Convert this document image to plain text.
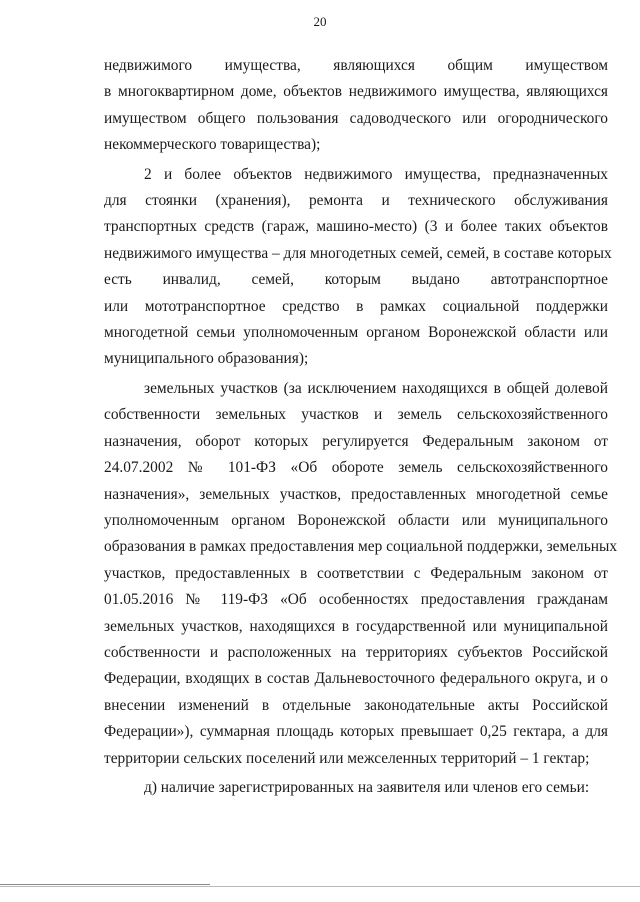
20

недвижимого имущества, являющихся общим имуществом
в многоквартирном доме, объектов недвижимого имущества, являющихся
имуществом общего пользования садоводческого или огороднического
некоммерческого товарищества);

2 и более объектов недвижимого имущества, предназначенных
для стоянки (хранения), ремонта и технического обслуживания
транспортных средств (гараж, машино-место) (3 и более таких объектов
недвижимого имущества – для многодетных семей, семей, в составе которых
есть инвалид, семей, которым выдано автотранспортное
или мототранспортное средство в рамках социальной поддержки
многодетной семьи уполномоченным органом Воронежской области или
муниципального образования);

земельных участков (за исключением находящихся в общей долевой
собственности земельных участков и земель сельскохозяйственного
назначения, оборот которых регулируется Федеральным законом от
24.07.2002 № 101-ФЗ «Об обороте земель сельскохозяйственного
назначения», земельных участков, предоставленных многодетной семье
уполномоченным органом Воронежской области или муниципального
образования в рамках предоставления мер социальной поддержки, земельных
участков, предоставленных в соответствии с Федеральным законом от
01.05.2016 № 119-ФЗ «Об особенностях предоставления гражданам
земельных участков, находящихся в государственной или муниципальной
собственности и расположенных на территориях субъектов Российской
Федерации, входящих в состав Дальневосточного федерального округа, и о
внесении изменений в отдельные законодательные акты Российской
Федерации»), суммарная площадь которых превышает 0,25 гектара, а для
территории сельских поселений или межселенных территорий – 1 гектар;

д) наличие зарегистрированных на заявителя или членов его семьи:
